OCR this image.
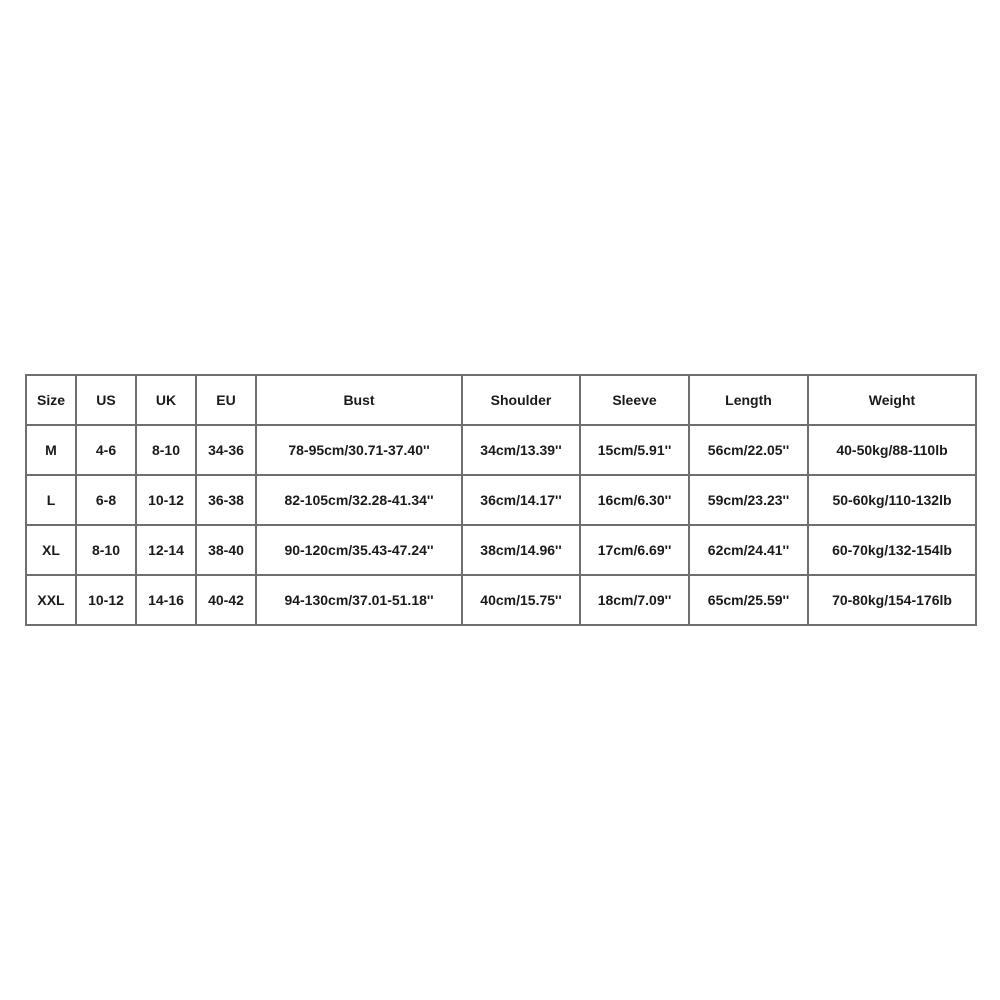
Size	US	UK	EU	Bust	Shoulder	Sleeve	Length	Weight
M	4-6	8-10	34-36	78-95cm/30.71-37.40''	34cm/13.39''	15cm/5.91''	56cm/22.05''	40-50kg/88-110lb
L	6-8	10-12	36-38	82-105cm/32.28-41.34''	36cm/14.17''	16cm/6.30''	59cm/23.23''	50-60kg/110-132lb
XL	8-10	12-14	38-40	90-120cm/35.43-47.24''	38cm/14.96''	17cm/6.69''	62cm/24.41''	60-70kg/132-154lb
XXL	10-12	14-16	40-42	94-130cm/37.01-51.18''	40cm/15.75''	18cm/7.09''	65cm/25.59''	70-80kg/154-176lb
